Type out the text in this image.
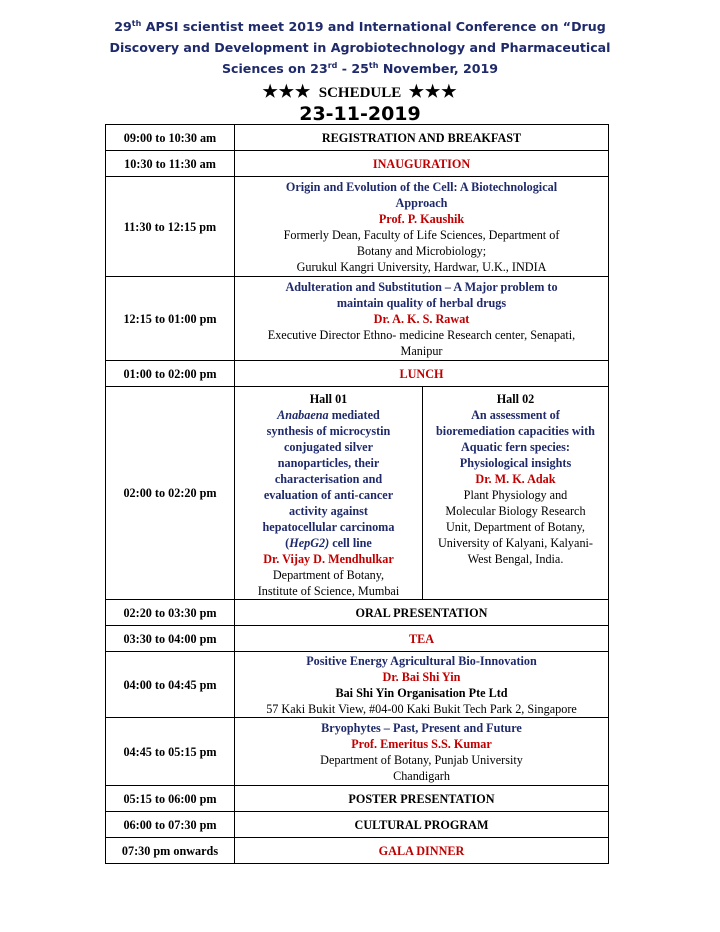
29th APSI scientist meet 2019 and International Conference on “Drug
Discovery and Development in Agrobiotechnology and Pharmaceutical
Sciences on 23rd - 25th November, 2019
★★★ SCHEDULE ★★★
23-11-2019
09:00 to 10:30 am	REGISTRATION AND BREAKFAST
10:30 to 11:30 am	INAUGURATION
11:30 to 12:15 pm	
Origin and Evolution of the Cell: A Biotechnological
Approach
Prof. P. Kaushik
Formerly Dean, Faculty of Life Sciences, Department of
Botany and Microbiology;
Gurukul Kangri University, Hardwar, U.K., INDIA

12:15 to 01:00 pm	
Adulteration and Substitution – A Major problem to
maintain quality of herbal drugs
Dr. A. K. S. Rawat
Executive Director Ethno- medicine Research center, Senapati,
Manipur

01:00 to 02:00 pm	LUNCH
02:00 to 02:20 pm	
Hall 01
Anabaena mediated
synthesis of microcystin
conjugated silver
nanoparticles, their
characterisation and
evaluation of anti-cancer
activity against
hepatocellular carcinoma
(HepG2) cell line
Dr. Vijay D. Mendhulkar
Department of Botany,
Institute of Science, Mumbai

Hall 02
An assessment of
bioremediation capacities with
Aquatic fern species:
Physiological insights
Dr. M. K. Adak
Plant Physiology and
Molecular Biology Research
Unit, Department of Botany,
University of Kalyani, Kalyani-
West Bengal, India.

02:20 to 03:30 pm	ORAL PRESENTATION
03:30 to 04:00 pm	TEA
04:00 to 04:45 pm	
Positive Energy Agricultural Bio-Innovation
Dr. Bai Shi Yin
Bai Shi Yin Organisation Pte Ltd
57 Kaki Bukit View, #04-00 Kaki Bukit Tech Park 2, Singapore

04:45 to 05:15 pm	
Bryophytes – Past, Present and Future
Prof. Emeritus S.S. Kumar
Department of Botany, Punjab University
Chandigarh

05:15 to 06:00 pm	POSTER PRESENTATION
06:00 to 07:30 pm	CULTURAL PROGRAM
07:30 pm onwards	GALA DINNER
